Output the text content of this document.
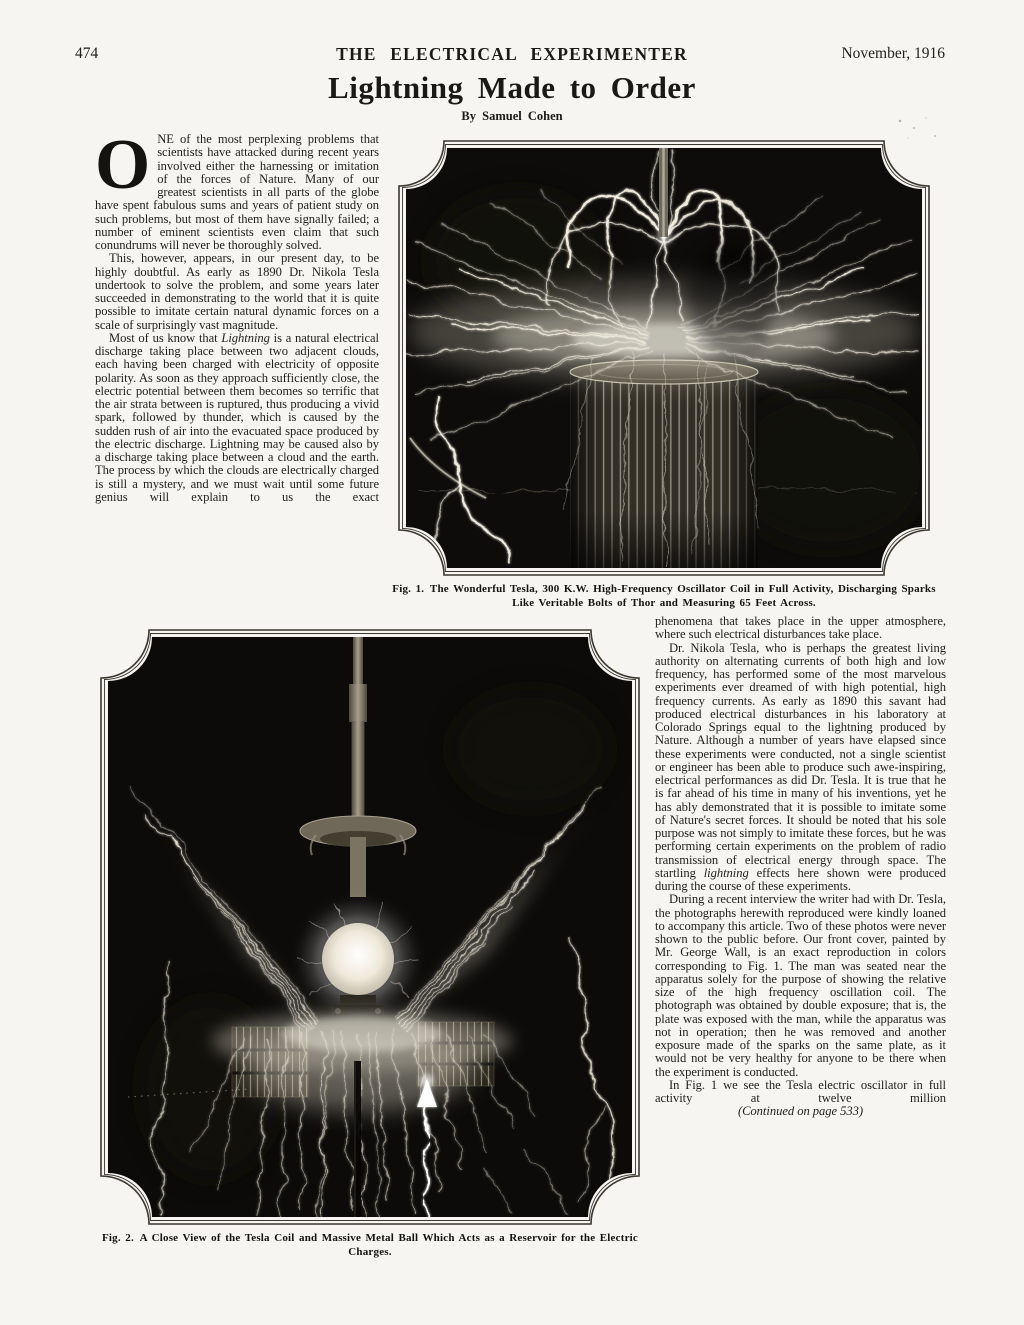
474	THE ELECTRICAL EXPERIMENTER	November, 1916
Lightning Made to Order
By Samuel Cohen

ONE of the most perplexing problems that scientists have attacked during recent years involved either the harnessing or imitation of the forces of Nature. Many of our greatest scientists in all parts of the globe have spent fabulous sums and years of patient study on such problems, but most of them have signally failed; a number of eminent scientists even claim that such conundrums will never be thoroughly solved.

This, however, appears, in our present day, to be highly doubtful. As early as 1890 Dr. Nikola Tesla undertook to solve the problem, and some years later succeeded in demonstrating to the world that it is quite possible to imitate certain natural dynamic forces on a scale of surprisingly vast magnitude.

Most of us know that Lightning is a natural electrical discharge taking place between two adjacent clouds, each having been charged with electricity of opposite polarity. As soon as they approach sufficiently close, the electric potential between them becomes so terrific that the air strata between is ruptured, thus producing a vivid spark, followed by thunder, which is caused by the sudden rush of air into the evacuated space produced by the electric discharge. Lightning may be caused also by a discharge taking place between a cloud and the earth. The process by which the clouds are electrically charged is still a mystery, and we must wait until some future genius will explain to us the exact

Fig. 1. The Wonderful Tesla, 300 K.W. High-Frequency Oscillator Coil in Full Activity, Discharging Sparks Like Veritable Bolts of Thor and Measuring 65 Feet Across.
Fig. 2. A Close View of the Tesla Coil and Massive Metal Ball Which Acts as a Reservoir for the Electric Charges.

phenomena that takes place in the upper atmosphere, where such electrical disturbances take place.

Dr. Nikola Tesla, who is perhaps the greatest living authority on alternating currents of both high and low frequency, has performed some of the most marvelous experiments ever dreamed of with high potential, high frequency currents. As early as 1890 this savant had produced electrical disturbances in his laboratory at Colorado Springs equal to the lightning produced by Nature. Although a number of years have elapsed since these experiments were conducted, not a single scientist or engineer has been able to produce such awe-inspiring, electrical performances as did Dr. Tesla. It is true that he is far ahead of his time in many of his inventions, yet he has ably demonstrated that it is possible to imitate some of Nature's secret forces. It should be noted that his sole purpose was not simply to imitate these forces, but he was performing certain experiments on the problem of radio transmission of electrical energy through space. The startling lightning effects here shown were produced during the course of these experiments.

During a recent interview the writer had with Dr. Tesla, the photographs herewith reproduced were kindly loaned to accompany this article. Two of these photos were never shown to the public before. Our front cover, painted by Mr. George Wall, is an exact reproduction in colors corresponding to Fig. 1. The man was seated near the apparatus solely for the purpose of showing the relative size of the high frequency oscillation coil. The photograph was obtained by double exposure; that is, the plate was exposed with the man, while the apparatus was not in operation; then he was removed and another exposure made of the sparks on the same plate, as it would not be very healthy for anyone to be there when the experiment is conducted.

In Fig. 1 we see the Tesla electric oscillator in full activity at twelve million

(Continued on page 533)
